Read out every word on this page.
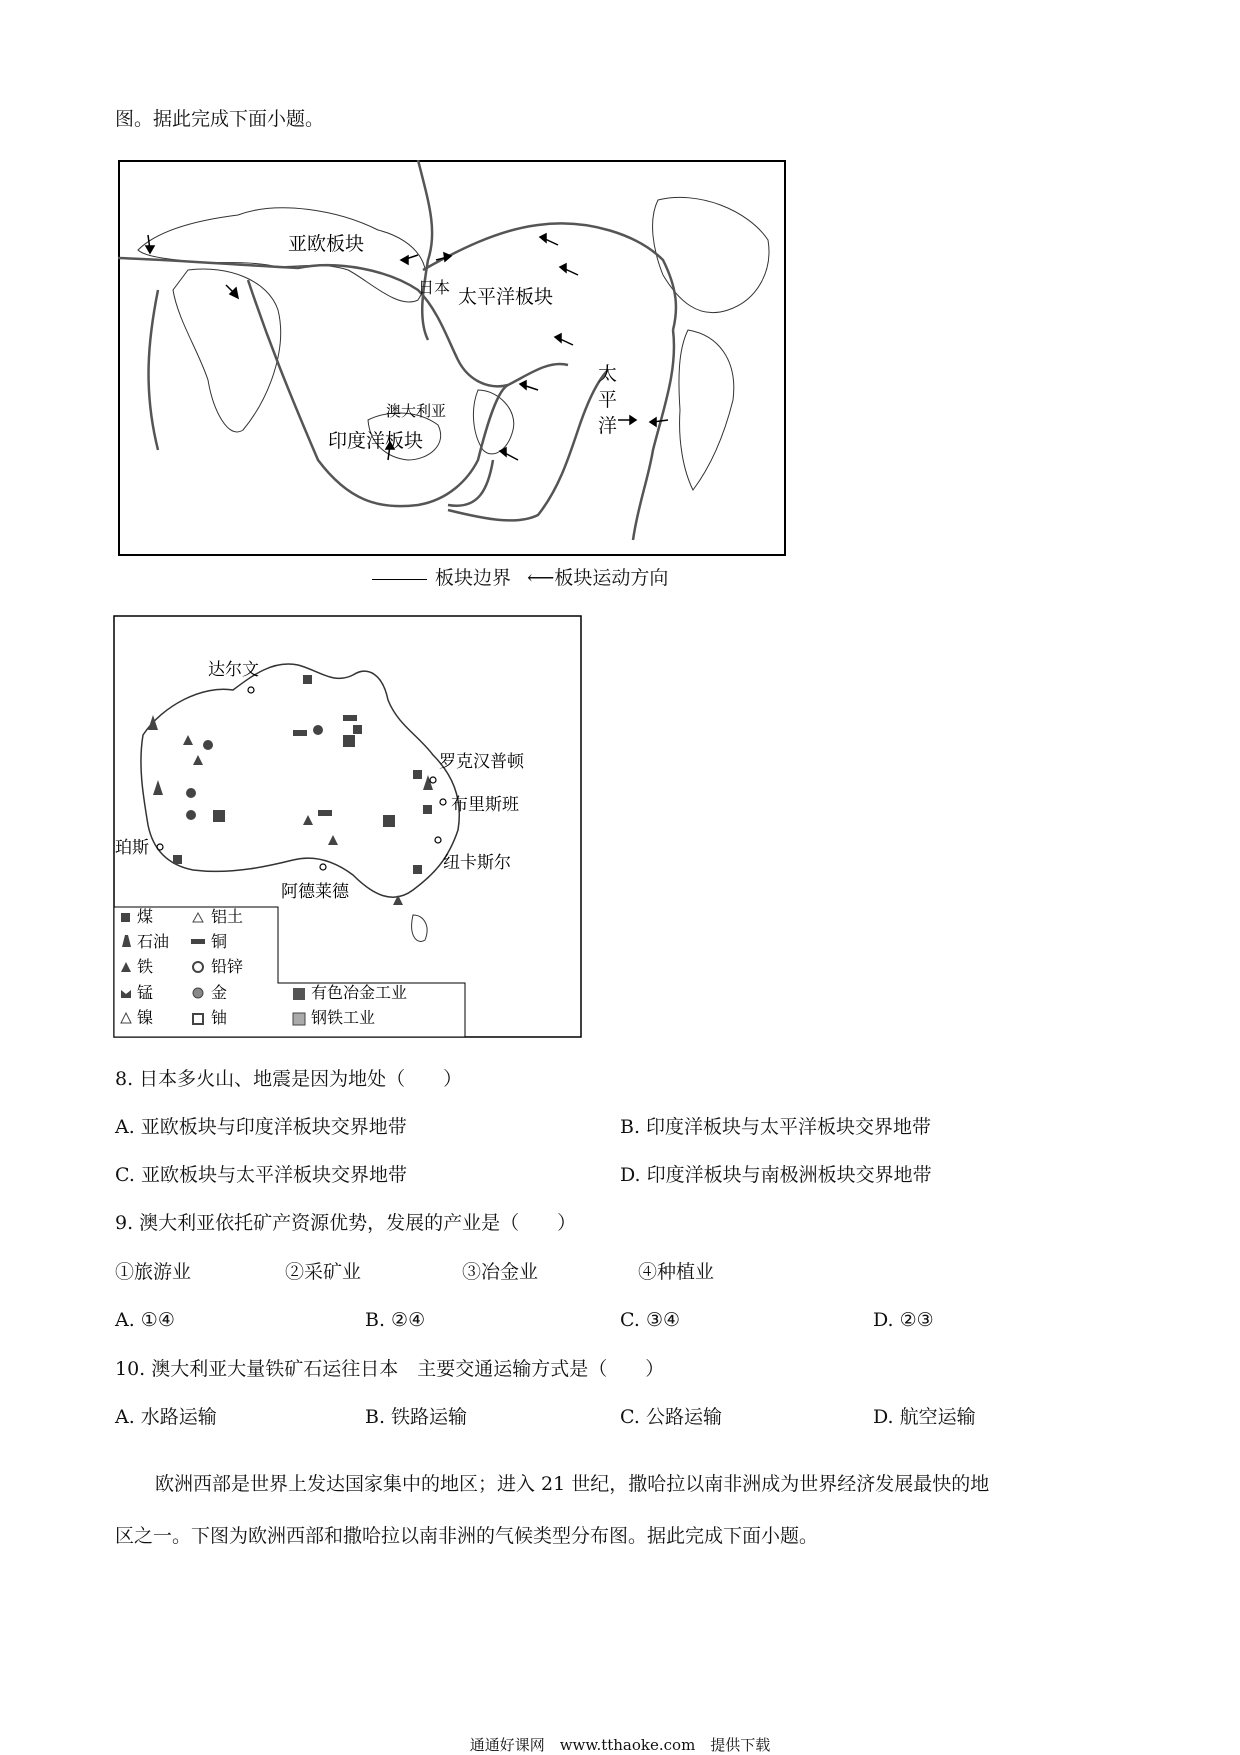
图。据此完成下面小题。
亚欧板块
日本 太平洋板块
澳大利亚
印度洋板块
太
平
洋
板块边界 ⟵板块运动方向
达尔文
罗克汉普顿
布里斯班
珀斯
纽卡斯尔
阿德莱德
煤	铝土
石油	铜
铁	铅锌
锰	金	有色冶金工业
镍	铀	钢铁工业
8. 日本多火山、地震是因为地处（　　）
A. 亚欧板块与印度洋板块交界地带	B. 印度洋板块与太平洋板块交界地带
C. 亚欧板块与太平洋板块交界地带	D. 印度洋板块与南极洲板块交界地带
9. 澳大利亚依托矿产资源优势，发展的产业是（　　）
①旅游业	②采矿业	③冶金业	④种植业
A. ①④	B. ②④	C. ③④	D. ②③
10. 澳大利亚大量铁矿石运往日本　主要交通运输方式是（　　）
A. 水路运输	B. 铁路运输	C. 公路运输	D. 航空运输
欧洲西部是世界上发达国家集中的地区；进入 21 世纪，撒哈拉以南非洲成为世界经济发展最快的地
区之一。下图为欧洲西部和撒哈拉以南非洲的气候类型分布图。据此完成下面小题。
通通好课网　www.tthaoke.com　提供下载
